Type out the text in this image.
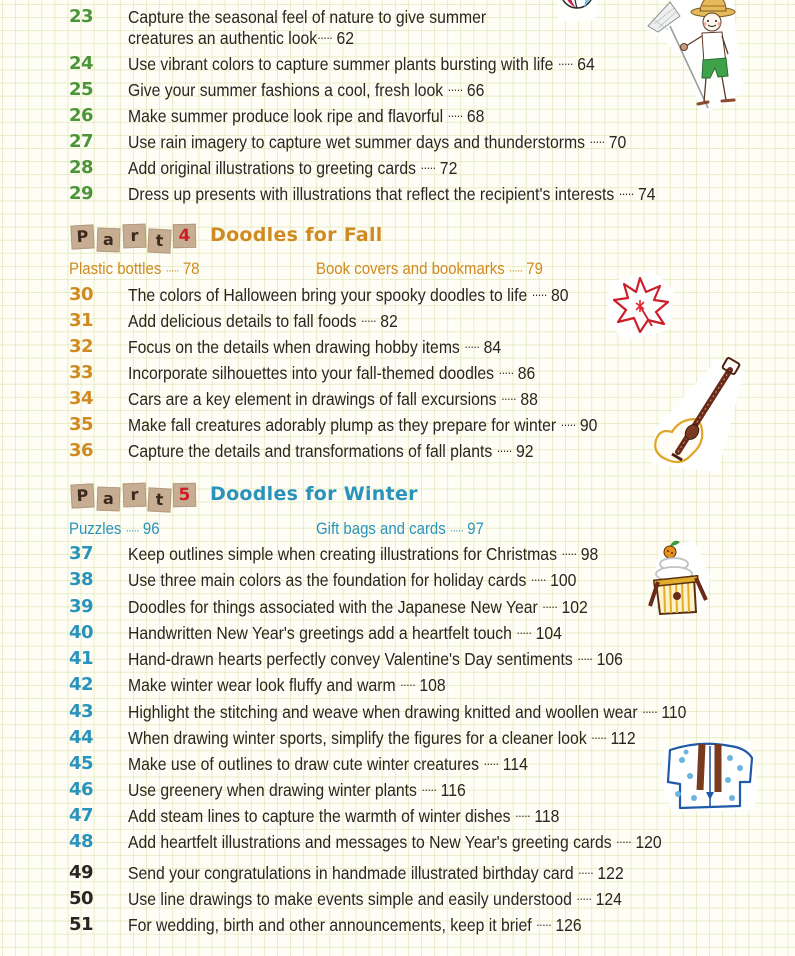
23	Capture the seasonal feel of nature to give summer
creatures an authentic look····· 62
24	Use vibrant colors to capture summer plants bursting with life ····· 64
25	Give your summer fashions a cool, fresh look ····· 66
26	Make summer produce look ripe and flavorful ····· 68
27	Use rain imagery to capture wet summer days and thunderstorms ····· 70
28	Add original illustrations to greeting cards ····· 72
29	Dress up presents with illustrations that reflect the recipient's interests ····· 74
P a r	t 4 Doodles for Fall
Plastic bottles ····· 78	Book covers and bookmarks ····· 79
30	The colors of Halloween bring your spooky doodles to life ····· 80
31	Add delicious details to fall foods ····· 82
32	Focus on the details when drawing hobby items ····· 84
33	Incorporate silhouettes into your fall-themed doodles ····· 86
34	Cars are a key element in drawings of fall excursions ····· 88
35	Make fall creatures adorably plump as they prepare for winter ····· 90
36	Capture the details and transformations of fall plants ····· 92
P a r	t 5 Doodles for Winter
Puzzles ····· 96	Gift bags and cards ····· 97
37	Keep outlines simple when creating illustrations for Christmas ····· 98
38	Use three main colors as the foundation for holiday cards ····· 100
39	Doodles for things associated with the Japanese New Year ····· 102
40	Handwritten New Year's greetings add a heartfelt touch ····· 104
41	Hand-drawn hearts perfectly convey Valentine's Day sentiments ····· 106
42	Make winter wear look fluffy and warm ····· 108
43	Highlight the stitching and weave when drawing knitted and woollen wear ····· 110
44	When drawing winter sports, simplify the figures for a cleaner look ····· 112
45	Make use of outlines to draw cute winter creatures ····· 114
46	Use greenery when drawing winter plants ····· 116
47	Add steam lines to capture the warmth of winter dishes ····· 118
48	Add heartfelt illustrations and messages to New Year's greeting cards ····· 120
49	Send your congratulations in handmade illustrated birthday card ····· 122
50	Use line drawings to make events simple and easily understood ····· 124
51	For wedding, birth and other announcements, keep it brief ····· 126
